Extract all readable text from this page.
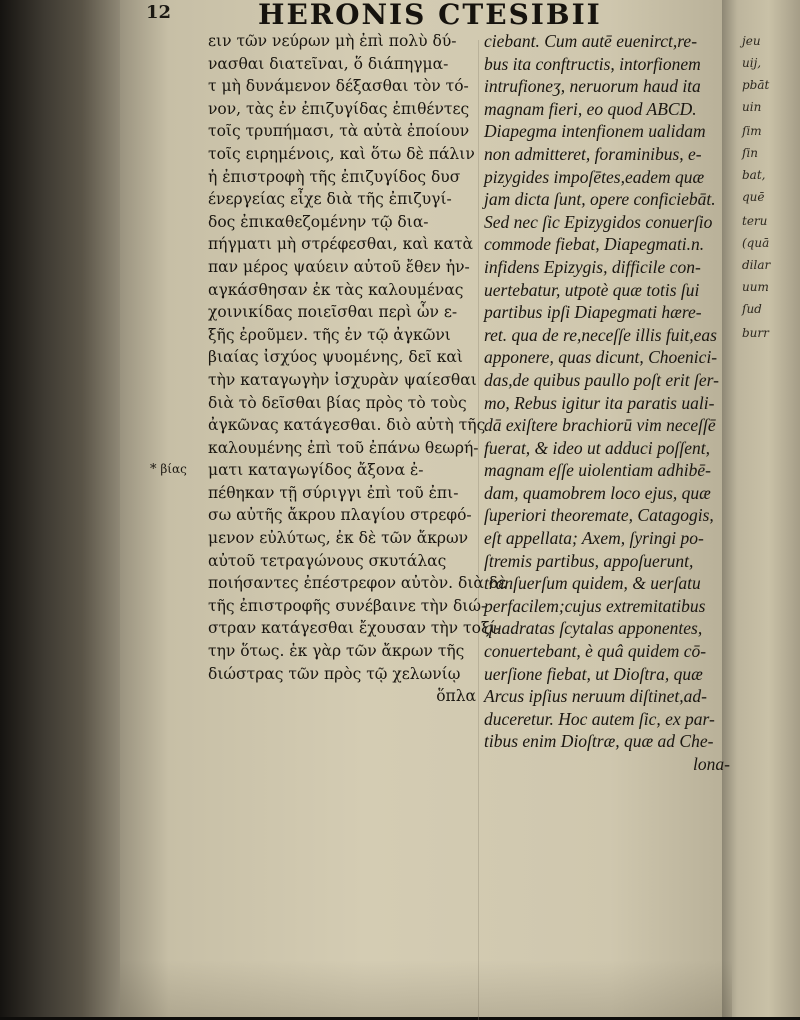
jeu
uij,
pbāt
uin
ſim
ſin
bat,
quē
teru
(quā
dilar
uum
ſud
burr
12	HERONIS CTESIBII
* βίας
ειν τῶν νεύρων μὴ ἐπὶ πολὺ δύ-
νασθαι διατεῖναι, ὅ διάπηγμα-
τ μὴ δυνάμενον δέξασθαι τὸν τό-
νον, τὰς ἐν ἐπιζυγίδας ἐπιθέντες
τοῖς τρυπήμασι, τὰ αὐτὰ ἐποίουν
τοῖς ειρημένοις, καὶ ὅτω δὲ πάλιν
ἡ ἐπιστροφὴ τῆς ἐπιζυγίδος δυσ
ένεργείας εἶχε διὰ τῆς ἐπιζυγί-
δος ἐπικαθεζομένην τῷ δια-
πήγματι μὴ στρέφεσθαι, καὶ κατὰ
παν μέρος ψαύειν αὐτοῦ ἔθεν ἠν-
αγκάσθησαν ἐκ τὰς καλουμένας
χοινικίδας ποιεῖσθαι περὶ ὧν ε-
ξῆς ἐροῦμεν. τῆς ἐν τῷ ἀγκῶνι
βιαίας ἰσχύος ψυομένης, δεῖ καὶ
τὴν καταγωγὴν ἰσχυρὰν ψαίεσθαι
διὰ τὸ δεῖσθαι βίας πρὸς τὸ τοὺς
ἀγκῶνας κατάγεσθαι. διὸ αὐτὴ τῆς
καλουμένης ἐπὶ τοῦ ἐπάνω θεωρή-
ματι καταγωγίδος ἄξονα ἐ-
πέθηκαν τῇ σύριγγι ἐπὶ τοῦ ἐπι-
σω αὐτῆς ἄκρου πλαγίου στρεφό-
μενον εὐλύτως, ἐκ δὲ τῶν ἄκρων
αὐτοῦ τετραγώνους σκυτάλας
ποιήσαντες ἐπέστρεφον αὐτὸν. διὰ δὲ
τῆς ἐπιστροφῆς συνέβαινε τὴν διώ-
στραν κατάγεσθαι ἔχουσαν τὴν τοξί-
την ὅτως. ἐκ γὰρ τῶν ἄκρων τῆς
διώστρας τῶν πρὸς τῷ χελωνίῳ
ὅπλα
ciebant. Cum autē euenirct,re-
bus ita conftructis, intorfionem
intrufioneʒ, neruorum haud ita
magnam fieri, eo quod ABCD.
Diapegma intenfionem ualidam
non admitteret, foraminibus, e-
pizygides impoſētes,eadem quæ
jam dicta ſunt, opere conficiebāt.
Sed nec ſic Epizygidos conuerſio
commode fiebat, Diapegmati.n.
infidens Epizygis, difficile con-
uertebatur, utpotè quæ totis ſui
partibus ipſi Diapegmati hære-
ret. qua de re,neceſſe illis fuit,eas
apponere, quas dicunt, Choenici-
das,de quibus paullo poſt erit ſer-
mo, Rebus igitur ita paratis uali-
dā exiſtere brachiorū vim neceſſē
fuerat, & ideo ut adduci poſſent,
magnam eſſe uiolentiam adhibē-
dam, quamobrem loco ejus, quæ
ſuperiori theoremate, Catagogis,
eſt appellata; Axem, ſyringi po-
ſtremis partibus, appoſuerunt,
tranſuerſum quidem, & uerſatu
perfacilem;cujus extremitatibus
quadratas ſcytalas apponentes,
conuertebant, è quâ quidem cō-
uerſione fiebat, ut Dioſtra, quæ
Arcus ipſius neruum diſtinet,ad-
duceretur. Hoc autem ſic, ex par-
tibus enim Dioſtræ, quæ ad Che-
lona-
